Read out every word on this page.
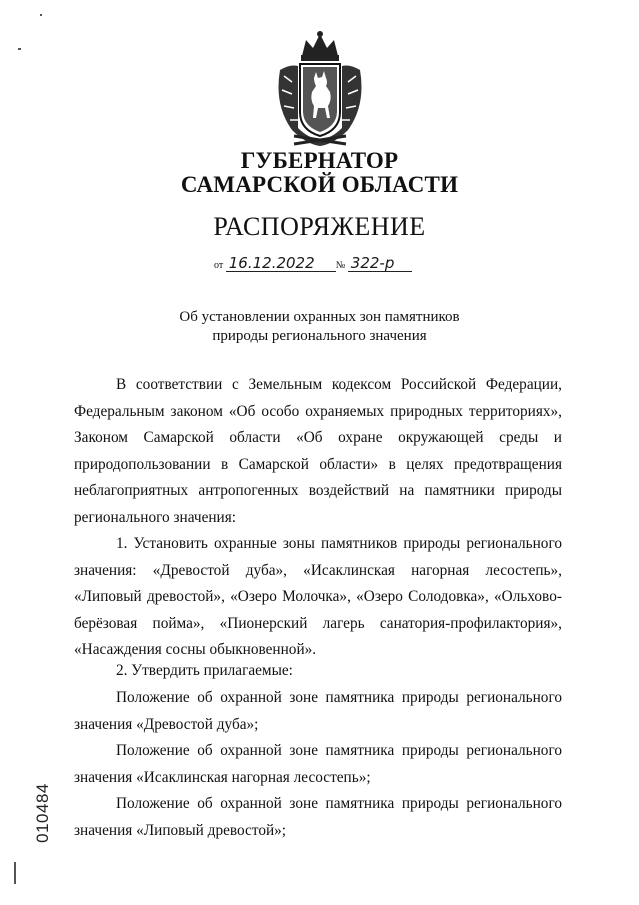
ГУБЕРНАТОР
САМАРСКОЙ ОБЛАСТИ
РАСПОРЯЖЕНИЕ
от 16.12.2022 № 322-р
Об установлении охранных зон памятников
природы регионального значения

В соответствии с Земельным кодексом Российской Федерации, Федеральным законом «Об особо охраняемых природных территориях», Законом Самарской области «Об охране окружающей среды и природопользовании в Самарской области» в целях предотвращения неблагоприятных антропогенных воздействий на памятники природы регионального значения:

1. Установить охранные зоны памятников природы регионального значения: «Древостой дуба», «Исаклинская нагорная лесостепь», «Липовый древостой», «Озеро Молочка», «Озеро Солодовка», «Ольховo-берёзовая пойма», «Пионерский лагерь санатория-профилактория», «Насаждения сосны обыкновенной».

2. Утвердить прилагаемые:

Положение об охранной зоне памятника природы регионального значения «Древостой дуба»;

Положение об охранной зоне памятника природы регионального значения «Исаклинская нагорная лесостепь»;

Положение об охранной зоне памятника природы регионального значения «Липовый древостой»;

010484
